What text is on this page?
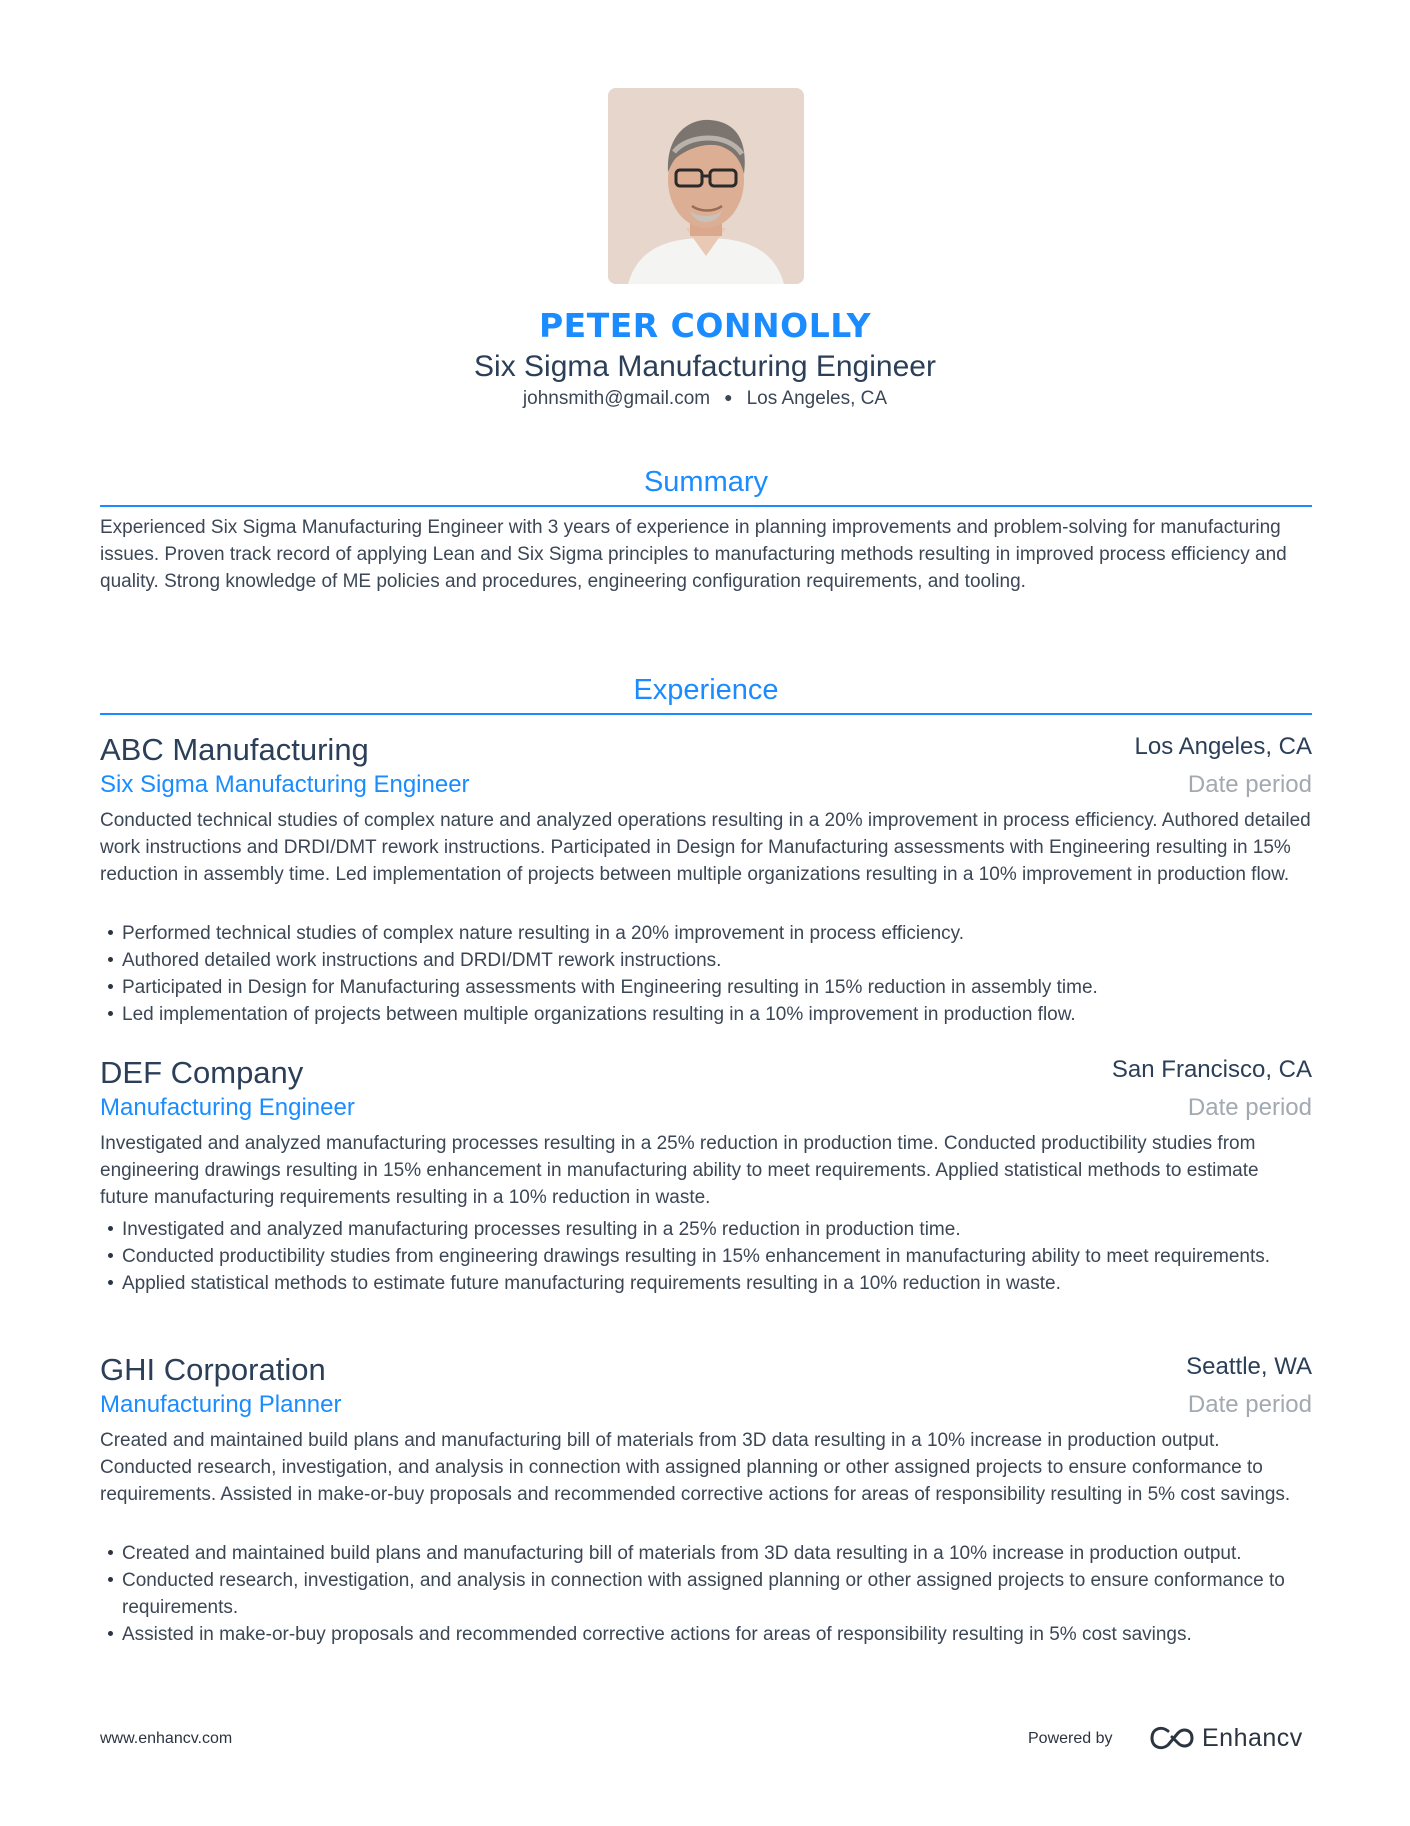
PETER CONNOLLY
Six Sigma Manufacturing Engineer
johnsmith@gmail.com ● Los Angeles, CA
Summary
Experienced Six Sigma Manufacturing Engineer with 3 years of experience in planning improvements and problem-solving for manufacturing issues. Proven track record of applying Lean and Six Sigma principles to manufacturing methods resulting in improved process efficiency and quality. Strong knowledge of ME policies and procedures, engineering configuration requirements, and tooling.
Experience
ABC Manufacturing	Los Angeles, CA
Six Sigma Manufacturing Engineer	Date period
Conducted technical studies of complex nature and analyzed operations resulting in a 20% improvement in process efficiency. Authored detailed work instructions and DRDI/DMT rework instructions. Participated in Design for Manufacturing assessments with Engineering resulting in 15% reduction in assembly time. Led implementation of projects between multiple organizations resulting in a 10% improvement in production flow.
Performed technical studies of complex nature resulting in a 20% improvement in process efficiency.
Authored detailed work instructions and DRDI/DMT rework instructions.
Participated in Design for Manufacturing assessments with Engineering resulting in 15% reduction in assembly time.
Led implementation of projects between multiple organizations resulting in a 10% improvement in production flow.
DEF Company	San Francisco, CA
Manufacturing Engineer	Date period
Investigated and analyzed manufacturing processes resulting in a 25% reduction in production time. Conducted productibility studies from engineering drawings resulting in 15% enhancement in manufacturing ability to meet requirements. Applied statistical methods to estimate future manufacturing requirements resulting in a 10% reduction in waste.
Investigated and analyzed manufacturing processes resulting in a 25% reduction in production time.
Conducted productibility studies from engineering drawings resulting in 15% enhancement in manufacturing ability to meet requirements.
Applied statistical methods to estimate future manufacturing requirements resulting in a 10% reduction in waste.
GHI Corporation	Seattle, WA
Manufacturing Planner	Date period
Created and maintained build plans and manufacturing bill of materials from 3D data resulting in a 10% increase in production output. Conducted research, investigation, and analysis in connection with assigned planning or other assigned projects to ensure conformance to requirements. Assisted in make-or-buy proposals and recommended corrective actions for areas of responsibility resulting in 5% cost savings.
Created and maintained build plans and manufacturing bill of materials from 3D data resulting in a 10% increase in production output.
Conducted research, investigation, and analysis in connection with assigned planning or other assigned projects to ensure conformance to requirements.
Assisted in make-or-buy proposals and recommended corrective actions for areas of responsibility resulting in 5% cost savings.
www.enhancv.com	Powered by	Enhancv
